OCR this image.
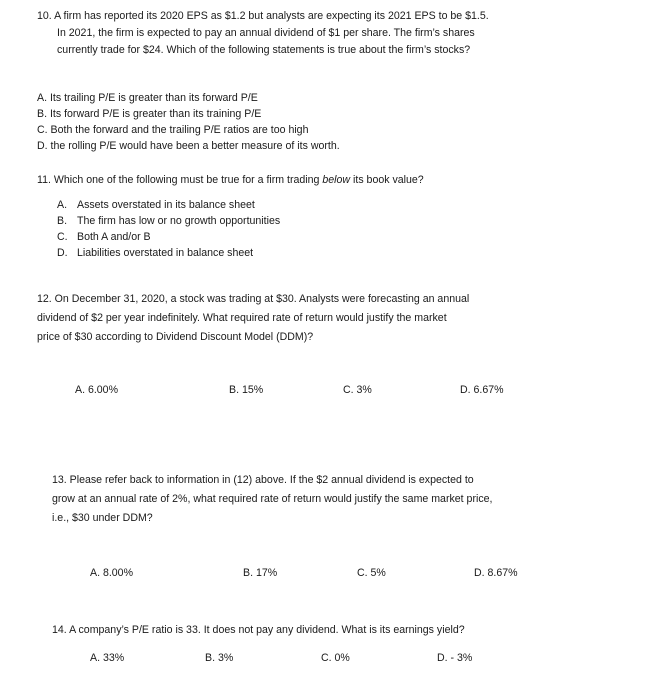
10. A firm has reported its 2020 EPS as $1.2 but analysts are expecting its 2021 EPS to be $1.5.
In 2021, the firm is expected to pay an annual dividend of $1 per share. The firm’s shares
currently trade for $24. Which of the following statements is true about the firm’s stocks?
A. Its trailing P/E is greater than its forward P/E
B. Its forward P/E is greater than its training P/E
C. Both the forward and the trailing P/E ratios are too high
D. the rolling P/E would have been a better measure of its worth.
11. Which one of the following must be true for a firm trading below its book value?
A. Assets overstated in its balance sheet
B. The firm has low or no growth opportunities
C. Both A and/or B
D. Liabilities overstated in balance sheet
12. On December 31, 2020, a stock was trading at $30. Analysts were forecasting an annual
dividend of $2 per year indefinitely. What required rate of return would justify the market
price of $30 according to Dividend Discount Model (DDM)?
A. 6.00%	B. 15%	C. 3%	D. 6.67%
13. Please refer back to information in (12) above. If the $2 annual dividend is expected to
grow at an annual rate of 2%, what required rate of return would justify the same market price,
i.e., $30 under DDM?
A. 8.00%	B. 17%	C. 5%	D. 8.67%
14. A company’s P/E ratio is 33. It does not pay any dividend. What is its earnings yield?
A. 33%	B. 3%	C. 0%	D. - 3%
